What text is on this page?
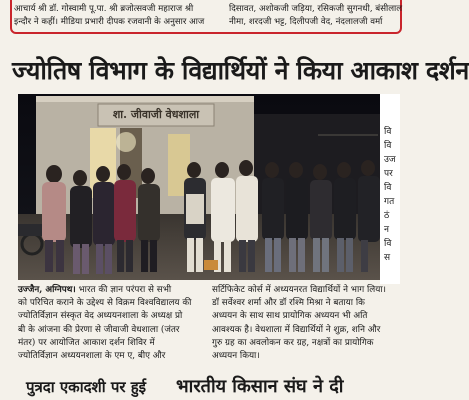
आचार्य श्री डॉ. गोस्वामी पू.पा. श्री ब्रजोत्सवजी महाराज श्री
इन्दौर ने कहीं। मीडिया प्रभारी दीपक रजवानी के अनुसार आज
दिसावत, अशोकजी जड़िया, रसिकजी सुगनधी, बंसीलाल
नीमा, शरदजी भट्ट, दिलीपजी वेद, नंदलालजी वर्मा
ज्योतिष विभाग के विद्यार्थियों ने किया आकाश दर्शन
शा. जीवाजी वेधशाला
वि
वि
उज
पर
वि
गत
ठं
न
वि
स
उज्जैन, अग्निपथ। भारत की ज्ञान परंपरा से सभी
को परिचित कराने के उद्देश्य से विक्रम विश्वविद्यालय की
ज्योतिर्विज्ञान संस्कृत वेद अध्ययनशाला के अध्यक्ष प्रो
बी के आंजना की प्रेरणा से जीवाजी वेधशाला (जंतर
मंतर) पर आयोजित आकाश दर्शन शिविर में
ज्योतिर्विज्ञान अध्ययनशाला के एम ए, बीए और
सर्टिफिकेट कोर्स में अध्ययनरत विद्यार्थियों ने भाग लिया।
डॉ सर्वेश्वर शर्मा और डॉ रश्मि मिश्रा ने बताया कि
अध्ययन के साथ साथ प्रायोगिक अध्ययन भी अति
आवश्यक है। वेधशाला में विद्यार्थियों ने शुक्र, शनि और
गुरु ग्रह का अवलोकन कर ग्रह, नक्षत्रों का प्रायोगिक
अध्ययन किया।
पुत्रदा एकादशी पर हुई	भारतीय किसान संघ ने दी
